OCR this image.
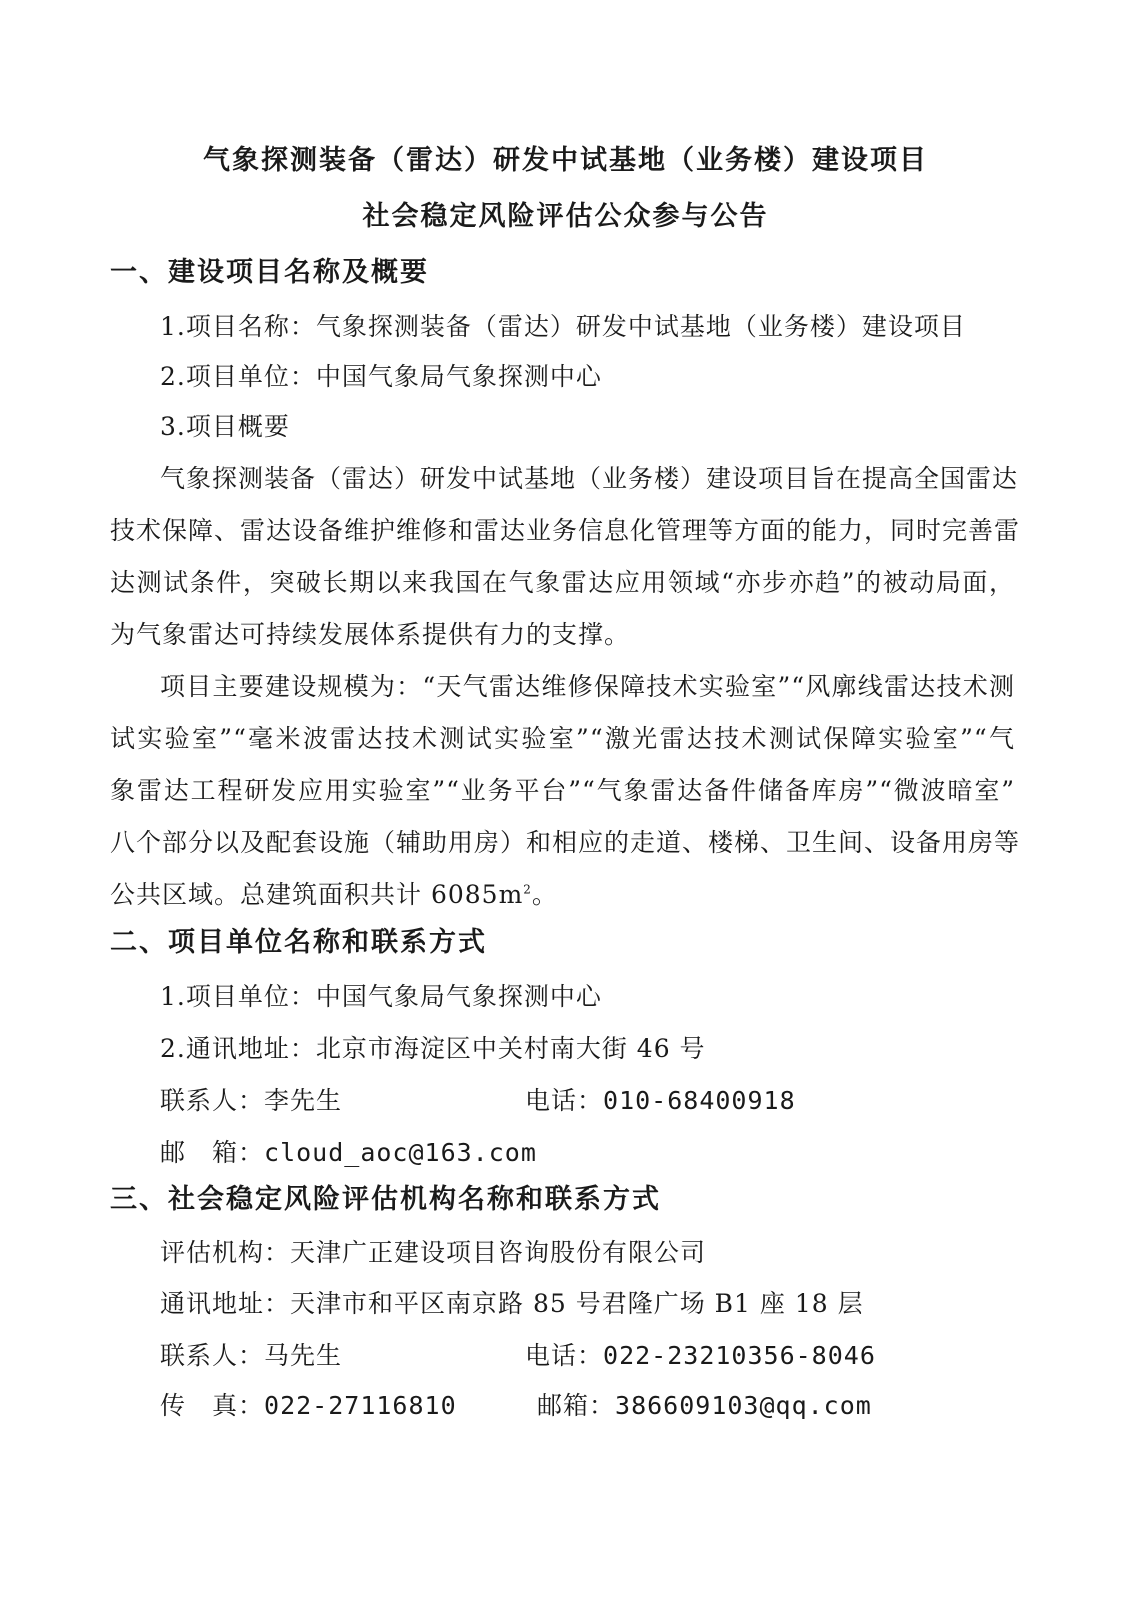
气象探测装备（雷达）研发中试基地（业务楼）建设项目
社会稳定风险评估公众参与公告
一、建设项目名称及概要
1.项目名称：气象探测装备（雷达）研发中试基地（业务楼）建设项目
2.项目单位：中国气象局气象探测中心
3.项目概要
气象探测装备（雷达）研发中试基地（业务楼）建设项目旨在提高全国雷达
技术保障、雷达设备维护维修和雷达业务信息化管理等方面的能力，同时完善雷
达测试条件，突破长期以来我国在气象雷达应用领域“亦步亦趋”的被动局面，
为气象雷达可持续发展体系提供有力的支撑。
项目主要建设规模为：“天气雷达维修保障技术实验室”“风廓线雷达技术测
试实验室”“毫米波雷达技术测试实验室”“激光雷达技术测试保障实验室”“气
象雷达工程研发应用实验室”“业务平台”“气象雷达备件储备库房”“微波暗室”
八个部分以及配套设施（辅助用房）和相应的走道、楼梯、卫生间、设备用房等
公共区域。总建筑面积共计 $6085m^2$。
二、项目单位名称和联系方式
1.项目单位：中国气象局气象探测中心
2.通讯地址：北京市海淀区中关村南大街 46 号
联系人：李先生	电话：010-68400918
邮　箱：cloud_aoc@163.com
三、社会稳定风险评估机构名称和联系方式
评估机构：天津广正建设项目咨询股份有限公司
通讯地址：天津市和平区南京路 85 号君隆广场 B1 座 18 层
联系人：马先生	电话：022-23210356-8046
传　真：022-27116810	邮箱：386609103@qq.com
